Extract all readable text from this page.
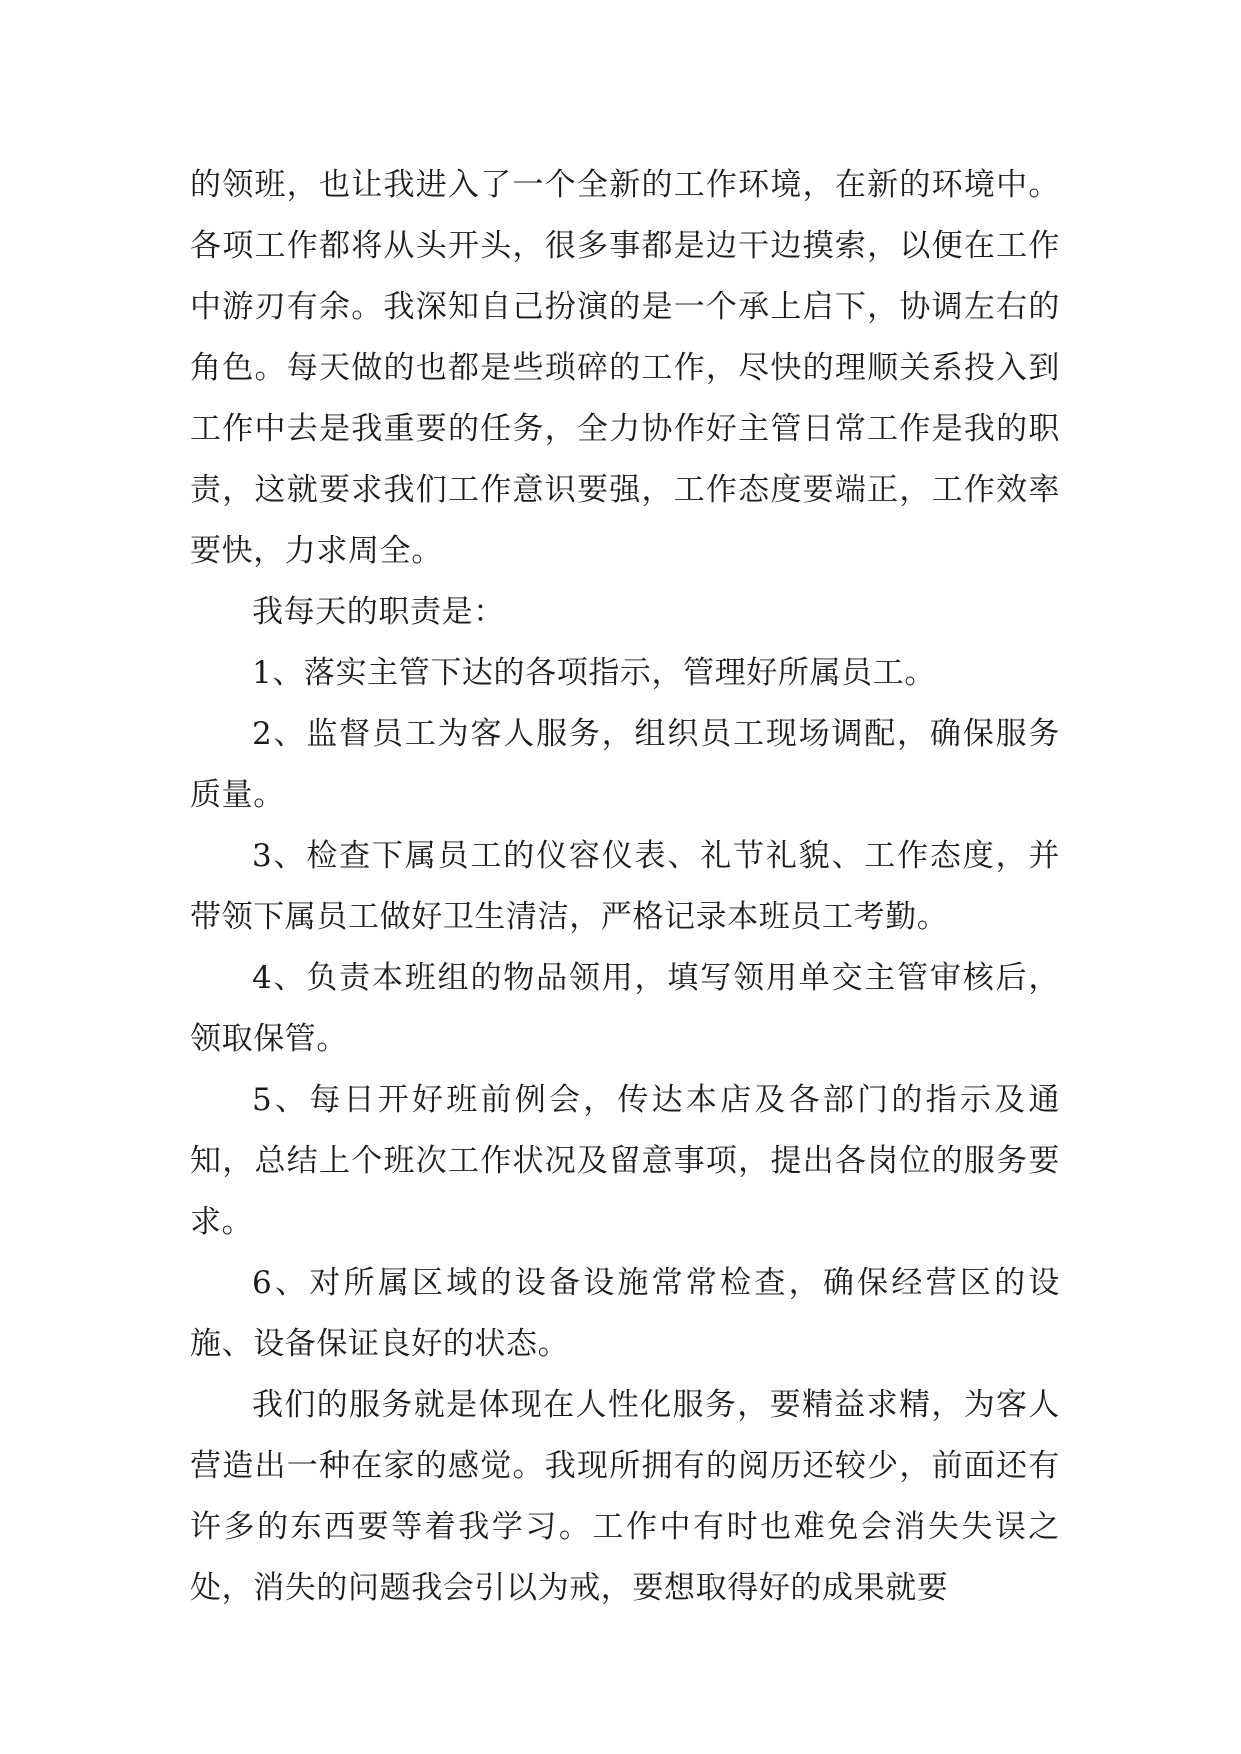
的领班，也让我进入了一个全新的工作环境，在新的环境中。各项工作都将从头开头，很多事都是边干边摸索，以便在工作中游刃有余。我深知自己扮演的是一个承上启下，协调左右的角色。每天做的也都是些琐碎的工作，尽快的理顺关系投入到工作中去是我重要的任务，全力协作好主管日常工作是我的职责，这就要求我们工作意识要强，工作态度要端正，工作效率要快，力求周全。

我每天的职责是：

1、落实主管下达的各项指示，管理好所属员工。

2、监督员工为客人服务，组织员工现场调配，确保服务质量。

3、检查下属员工的仪容仪表、礼节礼貌、工作态度，并带领下属员工做好卫生清洁，严格记录本班员工考勤。

4、负责本班组的物品领用，填写领用单交主管审核后，领取保管。

5、每日开好班前例会，传达本店及各部门的指示及通知，总结上个班次工作状况及留意事项，提出各岗位的服务要求。

6、对所属区域的设备设施常常检查，确保经营区的设施、设备保证良好的状态。

我们的服务就是体现在人性化服务，要精益求精，为客人营造出一种在家的感觉。我现所拥有的阅历还较少，前面还有许多的东西要等着我学习。工作中有时也难免会消失失误之处，消失的问题我会引以为戒，要想取得好的成果就要
